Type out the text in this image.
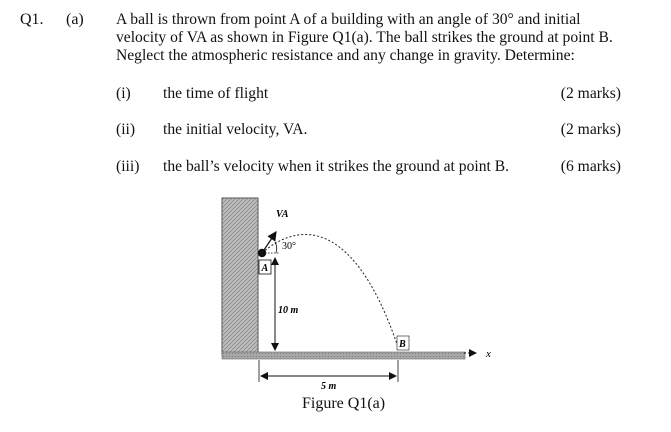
Q1. (a) A ball is thrown from point A of a building with an angle of 30° and initial

velocity of VA as shown in Figure Q1(a). The ball strikes the ground at point B.

Neglect the atmospheric resistance and any change in gravity. Determine:

(i) the time of flight	(2 marks)
(ii) the initial velocity, VA.	(2 marks)
(iii) the ball’s velocity when it strikes the ground at point B.	(6 marks)
x
VA
30°
A
10 m
B
5 m
Figure Q1(a)
